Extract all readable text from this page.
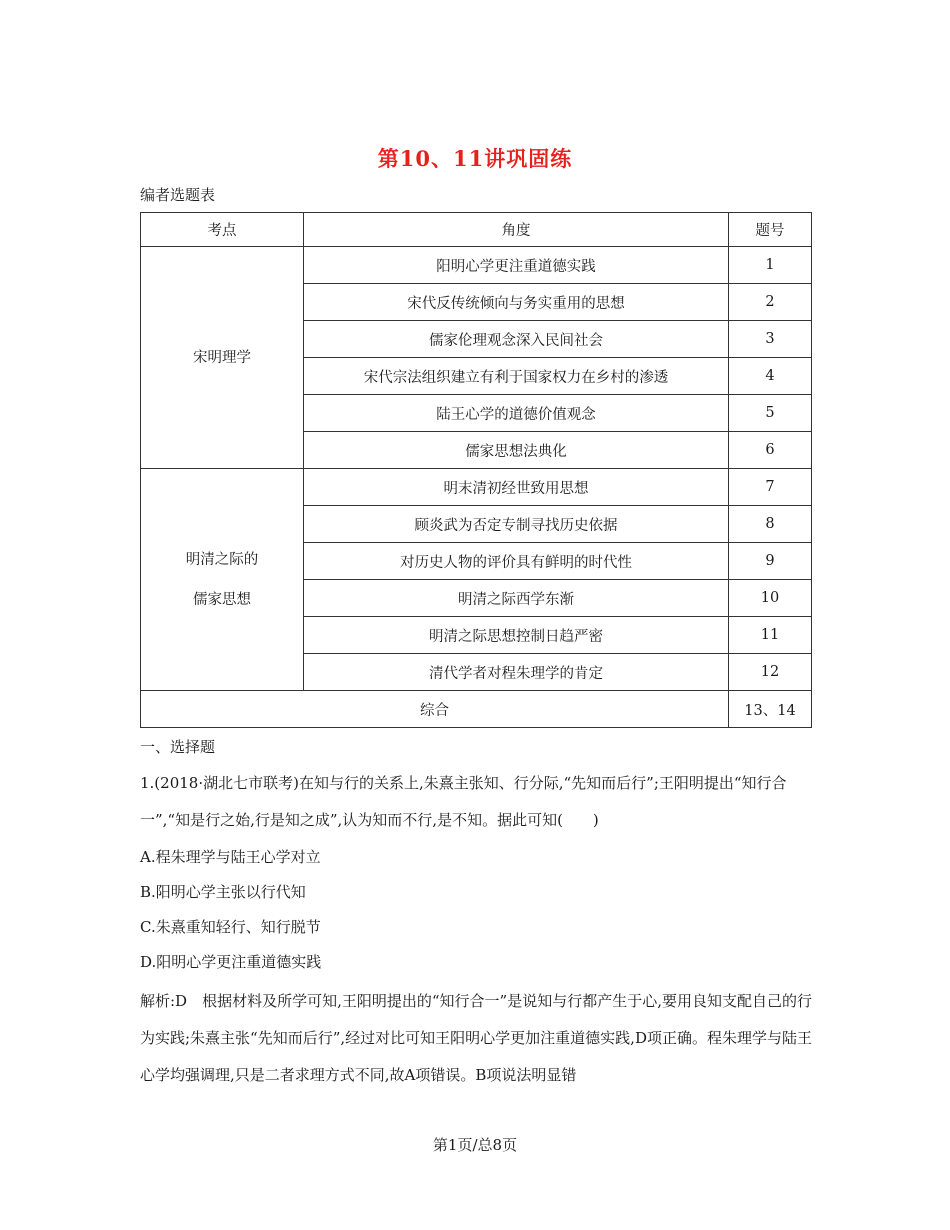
第10、11讲巩固练
编者选题表
考点	角度	题号

宋明理学	阳明心学更注重道德实践	1
	宋代反传统倾向与务实重用的思想	2
	儒家伦理观念深入民间社会	3
	宋代宗法组织建立有利于国家权力在乡村的渗透	4
	陆王心学的道德价值观念	5
	儒家思想法典化	6

明清之际的
儒家思想	明末清初经世致用思想	7
	顾炎武为否定专制寻找历史依据	8
	对历史人物的评价具有鲜明的时代性	9
	明清之际西学东渐	10
	明清之际思想控制日趋严密	11
	清代学者对程朱理学的肯定	12
综合		13、14
一、选择题
1.(2018·湖北七市联考)在知与行的关系上,朱熹主张知、行分际,“先知而后行”;王阳明提出“知行合一”,“知是行之始,行是知之成”,认为知而不行,是不知。据此可知(　　)
A.程朱理学与陆王心学对立
B.阳明心学主张以行代知
C.朱熹重知轻行、知行脱节
D.阳明心学更注重道德实践
解析:D　根据材料及所学可知,王阳明提出的“知行合一”是说知与行都产生于心,要用良知支配自己的行为实践;朱熹主张“先知而后行”,经过对比可知王阳明心学更加注重道德实践,D项正确。程朱理学与陆王心学均强调理,只是二者求理方式不同,故A项错误。B项说法明显错
第1页/总8页
